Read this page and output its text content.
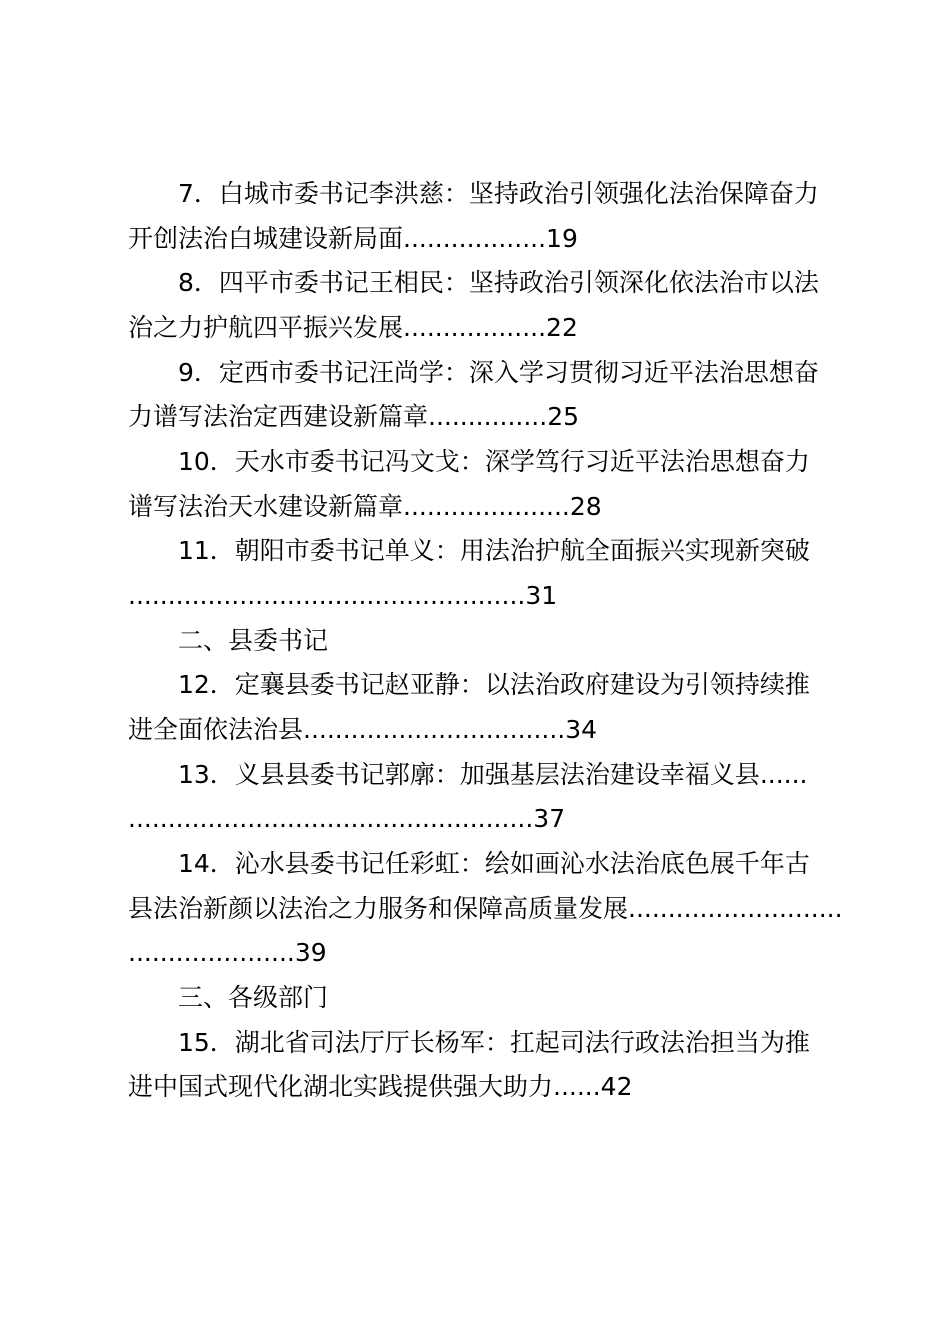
7．白城市委书记李洪慈：坚持政治引领强化法治保障奋力
开创法治白城建设新局面..................19
8．四平市委书记王相民：坚持政治引领深化依法治市以法
治之力护航四平振兴发展..................22
9．定西市委书记汪尚学：深入学习贯彻习近平法治思想奋
力谱写法治定西建设新篇章...............25
10．天水市委书记冯文戈：深学笃行习近平法治思想奋力
谱写法治天水建设新篇章.....................28
11．朝阳市委书记单义：用法治护航全面振兴实现新突破
..................................................31
二、县委书记
12．定襄县委书记赵亚静：以法治政府建设为引领持续推
进全面依法治县.................................34
13．义县县委书记郭廓：加强基层法治建设幸福义县......
...................................................37
14．沁水县委书记任彩虹：绘如画沁水法治底色展千年古
县法治新颜以法治之力服务和保障高质量发展...........................
.....................39
三、各级部门
15．湖北省司法厅厅长杨军：扛起司法行政法治担当为推
进中国式现代化湖北实践提供强大助力......42
